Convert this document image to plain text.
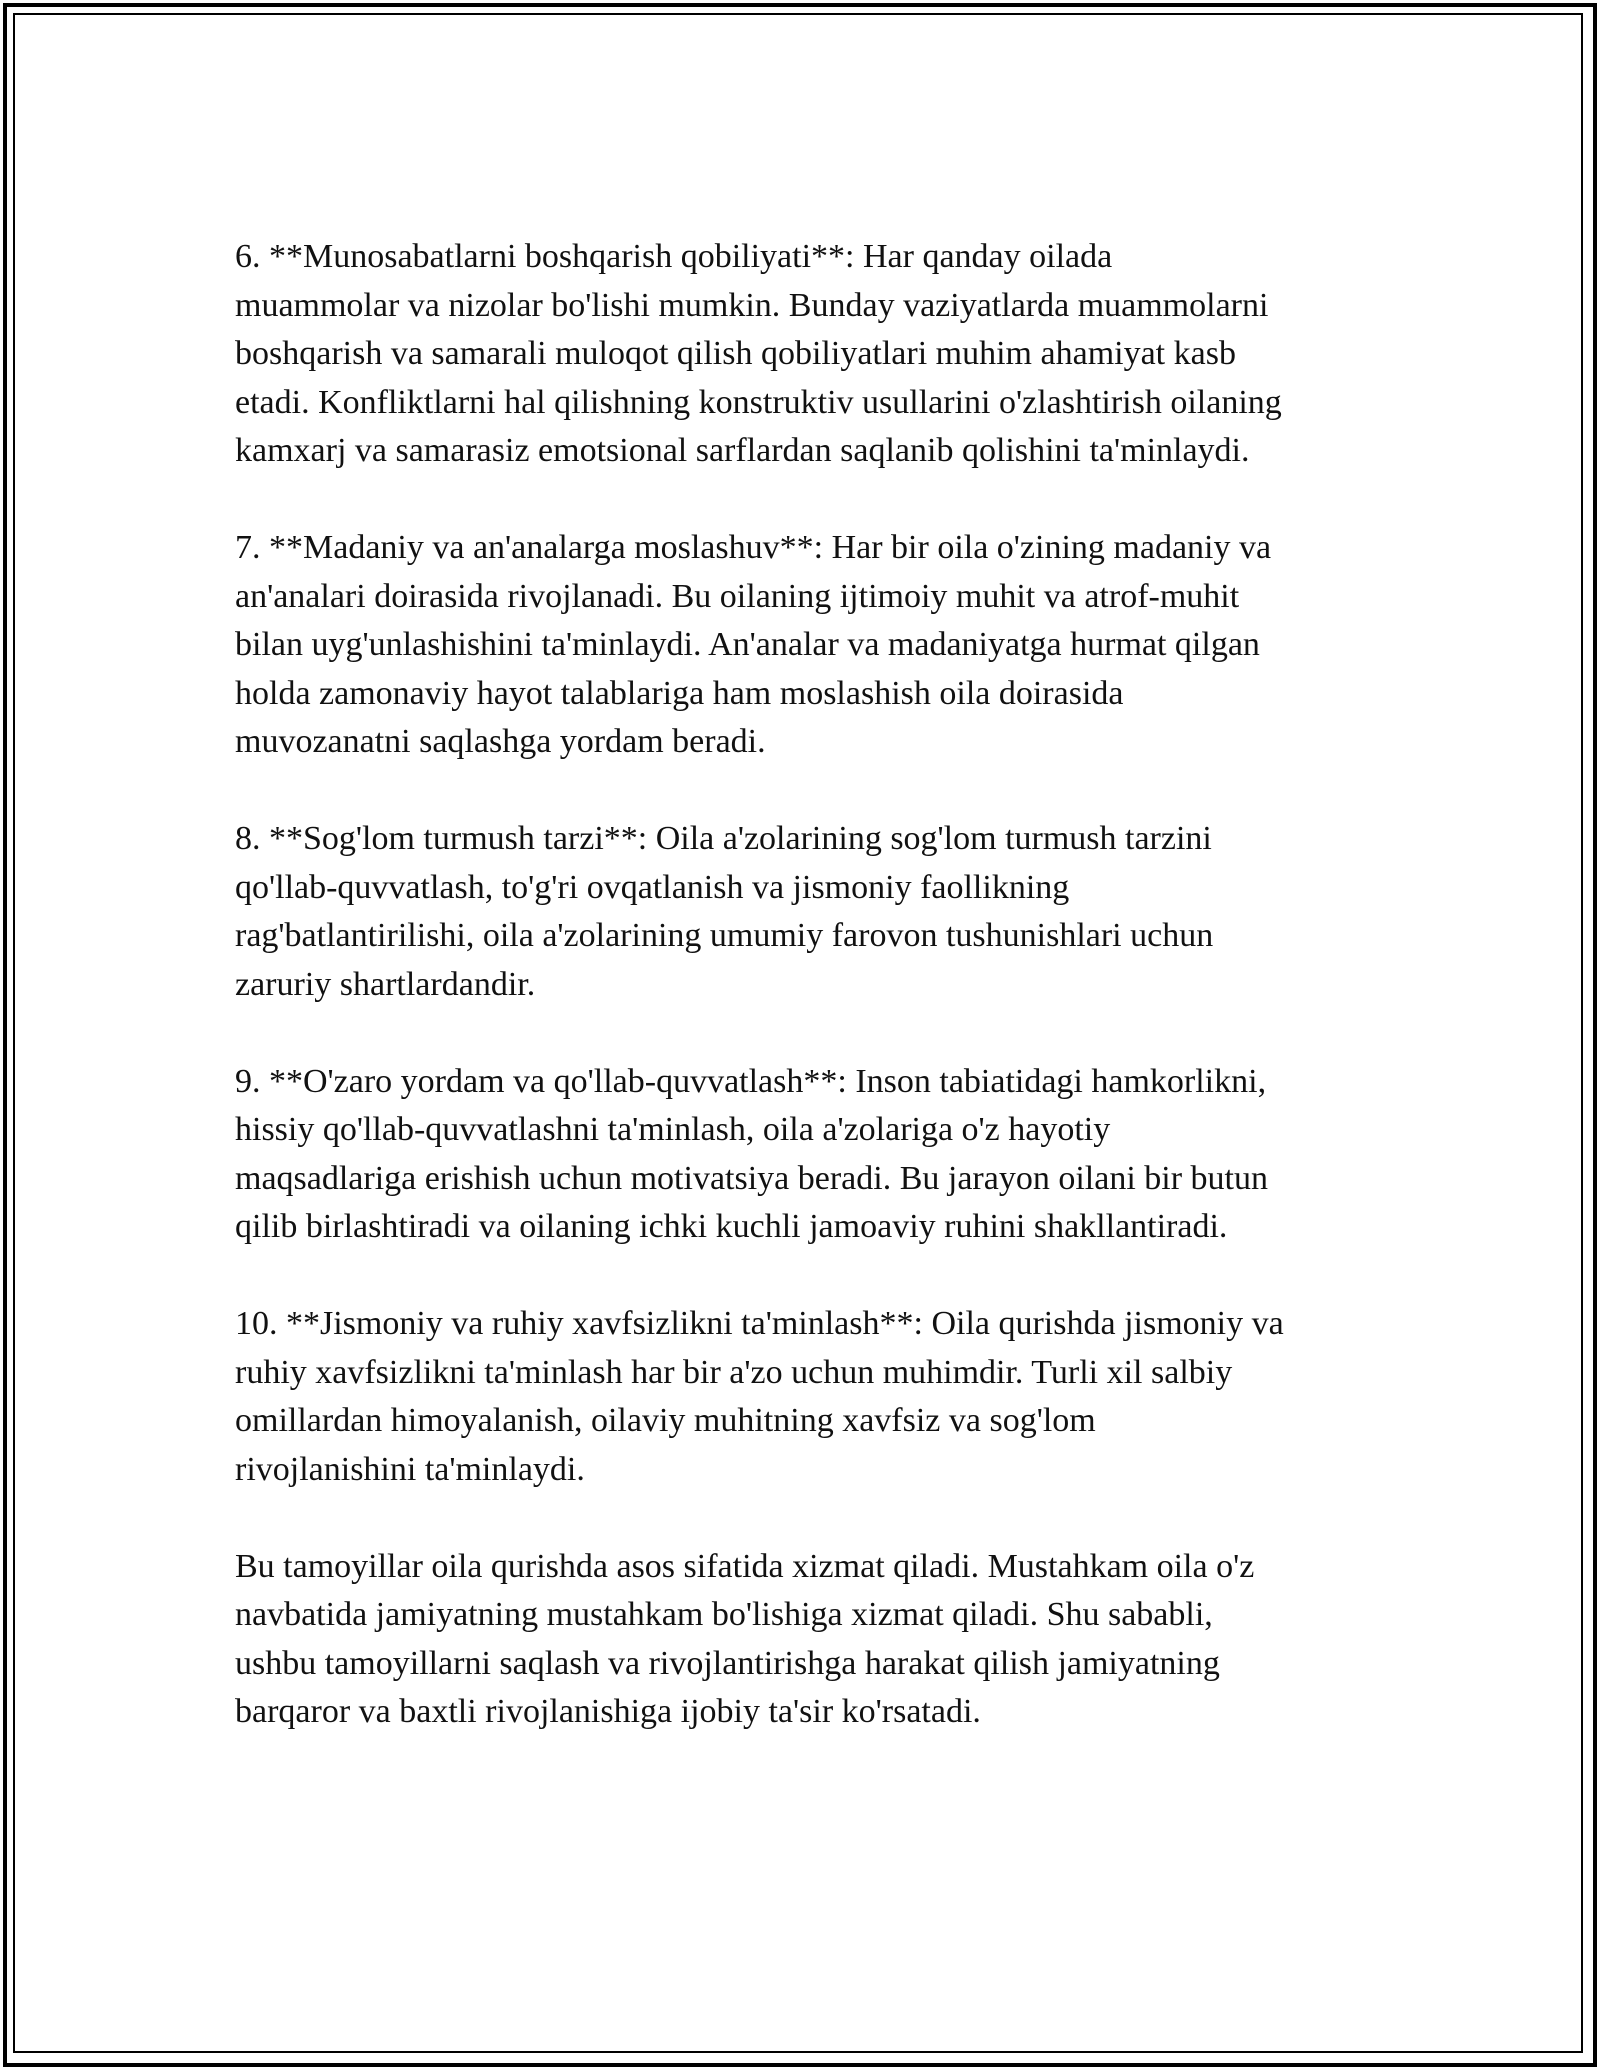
6. **Munosabatlarni boshqarish qobiliyati**: Har qanday oilada
muammolar va nizolar bo'lishi mumkin. Bunday vaziyatlarda muammolarni
boshqarish va samarali muloqot qilish qobiliyatlari muhim ahamiyat kasb
etadi. Konfliktlarni hal qilishning konstruktiv usullarini o'zlashtirish oilaning
kamxarj va samarasiz emotsional sarflardan saqlanib qolishini ta'minlaydi.

7. **Madaniy va an'analarga moslashuv**: Har bir oila o'zining madaniy va
an'analari doirasida rivojlanadi. Bu oilaning ijtimoiy muhit va atrof-muhit
bilan uyg'unlashishini ta'minlaydi. An'analar va madaniyatga hurmat qilgan
holda zamonaviy hayot talablariga ham moslashish oila doirasida
muvozanatni saqlashga yordam beradi.

8. **Sog'lom turmush tarzi**: Oila a'zolarining sog'lom turmush tarzini
qo'llab-quvvatlash, to'g'ri ovqatlanish va jismoniy faollikning
rag'batlantirilishi, oila a'zolarining umumiy farovon tushunishlari uchun
zaruriy shartlardandir.

9. **O'zaro yordam va qo'llab-quvvatlash**: Inson tabiatidagi hamkorlikni,
hissiy qo'llab-quvvatlashni ta'minlash, oila a'zolariga o'z hayotiy
maqsadlariga erishish uchun motivatsiya beradi. Bu jarayon oilani bir butun
qilib birlashtiradi va oilaning ichki kuchli jamoaviy ruhini shakllantiradi.

10. **Jismoniy va ruhiy xavfsizlikni ta'minlash**: Oila qurishda jismoniy va
ruhiy xavfsizlikni ta'minlash har bir a'zo uchun muhimdir. Turli xil salbiy
omillardan himoyalanish, oilaviy muhitning xavfsiz va sog'lom
rivojlanishini ta'minlaydi.

Bu tamoyillar oila qurishda asos sifatida xizmat qiladi. Mustahkam oila o'z
navbatida jamiyatning mustahkam bo'lishiga xizmat qiladi. Shu sababli,
ushbu tamoyillarni saqlash va rivojlantirishga harakat qilish jamiyatning
barqaror va baxtli rivojlanishiga ijobiy ta'sir ko'rsatadi.
